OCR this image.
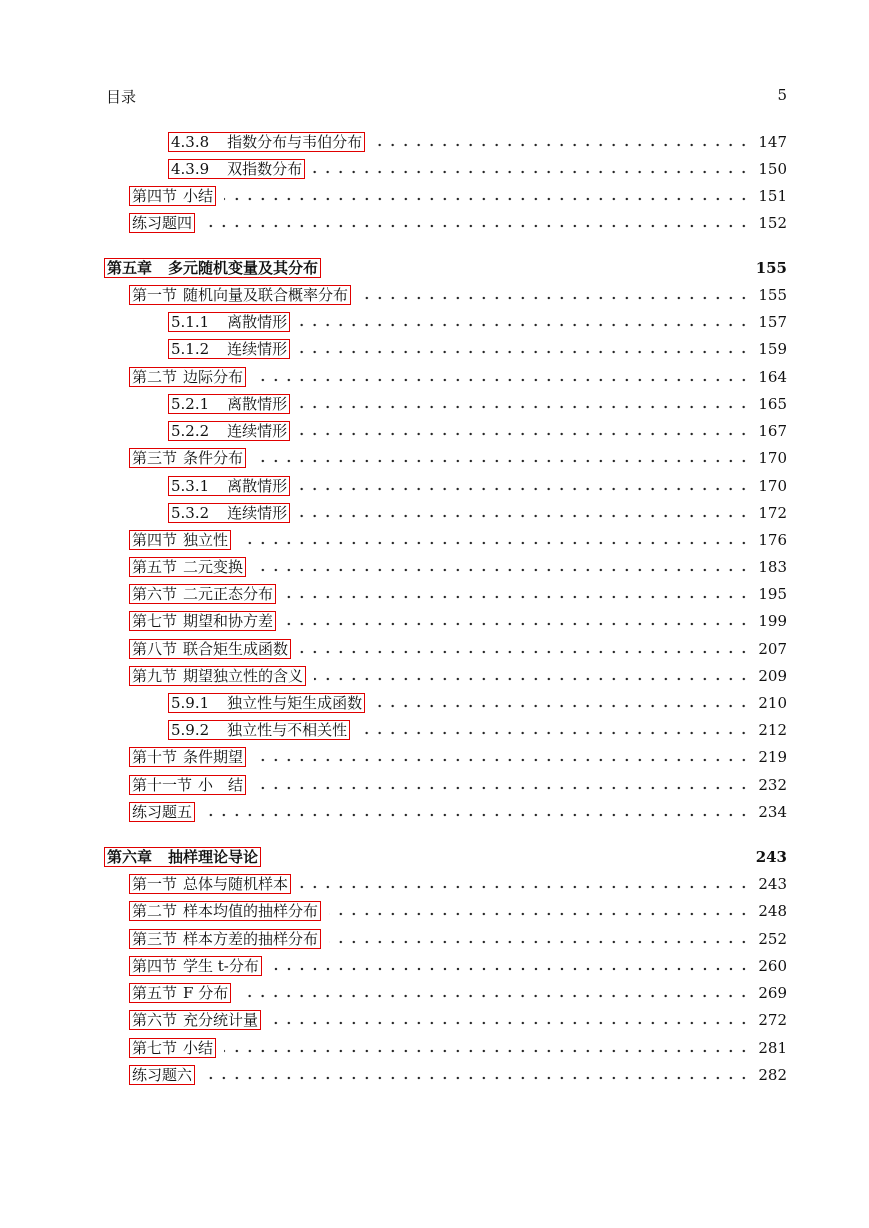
目录	5
4.3.8 指数分布与韦伯分布	147
4.3.9 双指数分布	150
第四节 小结	151
练习题四	152
第五章 多元随机变量及其分布	155
第一节 随机向量及联合概率分布	155
5.1.1 离散情形	157
5.1.2 连续情形	159
第二节 边际分布	164
5.2.1 离散情形	165
5.2.2 连续情形	167
第三节 条件分布	170
5.3.1 离散情形	170
5.3.2 连续情形	172
第四节 独立性	176
第五节 二元变换	183
第六节 二元正态分布	195
第七节 期望和协方差	199
第八节 联合矩生成函数	207
第九节 期望独立性的含义	209
5.9.1 独立性与矩生成函数	210
5.9.2 独立性与不相关性	212
第十节 条件期望	219
第十一节 小　结	232
练习题五	234
第六章 抽样理论导论	243
第一节 总体与随机样本	243
第二节 样本均值的抽样分布	248
第三节 样本方差的抽样分布	252
第四节 学生 t-分布	260
第五节 F 分布	269
第六节 充分统计量	272
第七节 小结	281
练习题六	282
